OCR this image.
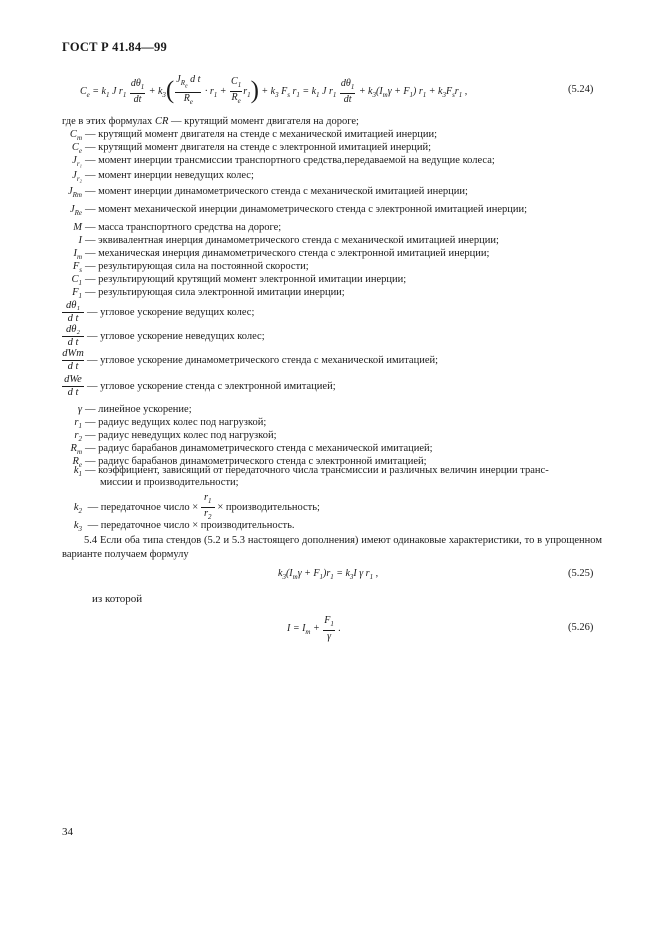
ГОСТ Р 41.84—99
$C_e = k_1$ J $r_1 \frac{d\theta_1}{dt} + k_3( \frac{J_{R_e} d t}{R_e} \cdot r_1 + \frac{C_1}{R_e} r_1) + k_3$ $F_s$ $r_1 = k_1$ J $r_1 \frac{d\theta_1}{dt} + k_3(I_m\gamma + F_1) r_1 + k_3F_sr_1$ ,	(5.24)
где в этих формулах CR — крутящий момент двигателя на дороге;
$C_m$ — крутящий момент двигателя на стенде с механической имитацией инерции;
$C_e$ — крутящий момент двигателя на стенде с электронной имитацией инерций;
$J_{r_1}$ — момент инерции трансмиссии транспортного средства,передаваемой на ведущие колеса;
$J_{r_2}$ — момент инерции неведущих колес;
$J_{Rm}$ — момент инерции динамометрического стенда с механической имитацией инерции;
$J_{Re}$ — момент механической инерции динамометрического стенда с электронной имитацией инерции;
M — масса транспортного средства на дороге;
I — эквивалентная инерция динамометрического стенда с механической имитацией инерции;
$I_m$ — механическая инерция динамометрического стенда с электронной имитацией инерции;
$F_s$ — результирующая сила на постоянной скорости;
$C_1$ — результирующий крутящий момент электронной имитации инерции;
$F_1$ — результирующая сила электронной имитации инерции;
$\frac{\text{dθ₁}}{\text{d t}}$ — угловое ускорение ведущих колес;
$\frac{\text{dθ₂}}{\text{d t}}$ — угловое ускорение неведущих колес;
dWm
d t
— угловое ускорение динамометрического стенда с механической имитацией;
dWe
d t
— угловое ускорение стенда с электронной имитацией;
γ — линейное ускорение;
$r_1$ — радиус ведущих колес под нагрузкой;
$r_2$ — радиус неведущих колес под нагрузкой;
$R_m$ — радиус барабанов динамометрического стенда с механической имитацией;
$R_e$ — радиус барабанов динамометрического стенда с электронной имитацией;
$k_1$ — коэффициент, зависящий от передаточного числа трансмиссии и различных величин инерции транс-
миссии и производительности;
$k_2$ — передаточное число × $\frac{r_1}{r_2}$ × производительность;
$k_3$ — передаточное число × производительность.
5.4 Если оба типа стендов (5.2 и 5.3 настоящего дополнения) имеют одинаковые характеристики, то в упрощенном варианте получаем формулу
$k_3(I_m\gamma + F_1)r_1 = k_3I$ γ $r_1$ ,	(5.25)
из которой
$I = I_m + \frac{F_1}{\gamma}$ .	(5.26)
34
